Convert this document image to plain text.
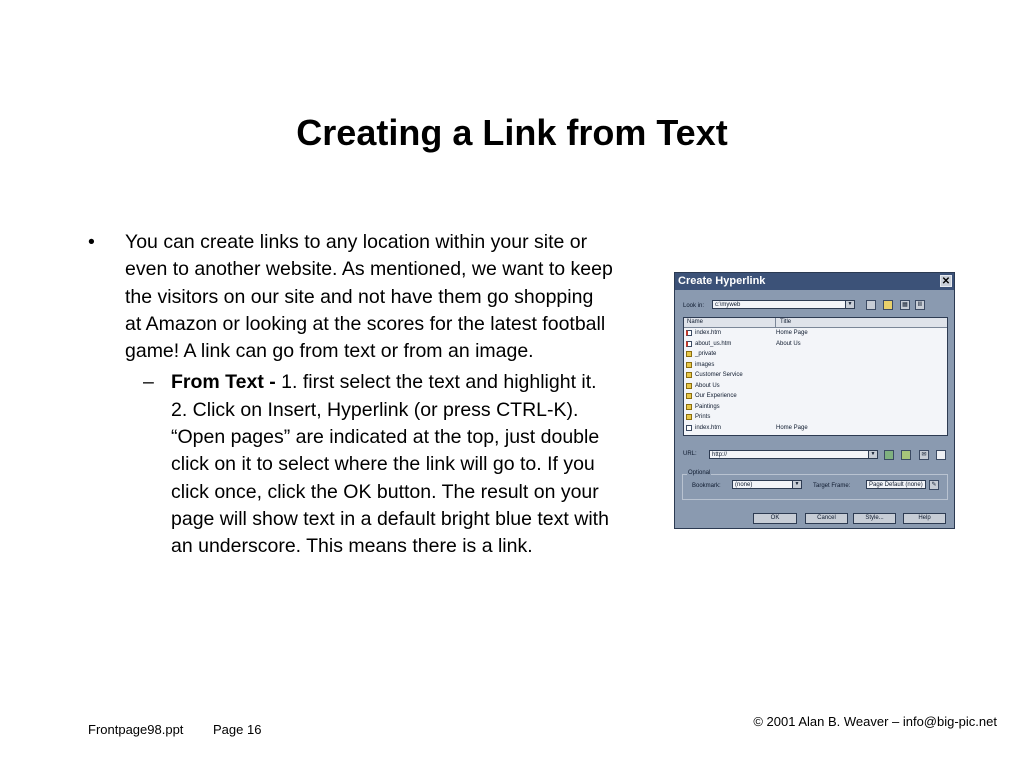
Creating a Link from Text
•	You can create links to any location within your site or even to another website. As mentioned, we want to keep the visitors on our site and not have them go shopping at Amazon or looking at the scores for the latest football game! A link can go from text or from an image.
– From Text - 1. first select the text and highlight it. 2. Click on Insert, Hyperlink (or press CTRL-K). “Open pages” are indicated at the top, just double click on it to select where the link will go to. If you click once, click the OK button. The result on your page will show text in a default bright blue text with an underscore. This means there is a link.
Create Hyperlink	✕
Look in:	c:\myweb	▼	▦	Ⅲ
Name	Title
index.htm	Home Page
about_us.htm	About Us
_private
images
Customer Service
About Us
Our Experience
Paintings
Prints
index.htm	Home Page
URL:	http://	▼	✉
Optional
Bookmark:	(none)	▼ Target Frame:	Page Default (none)	✎
OK	Cancel	Style...	Help
Frontpage98.ppt Page 16
© 2001 Alan B. Weaver – info@big-pic.net
